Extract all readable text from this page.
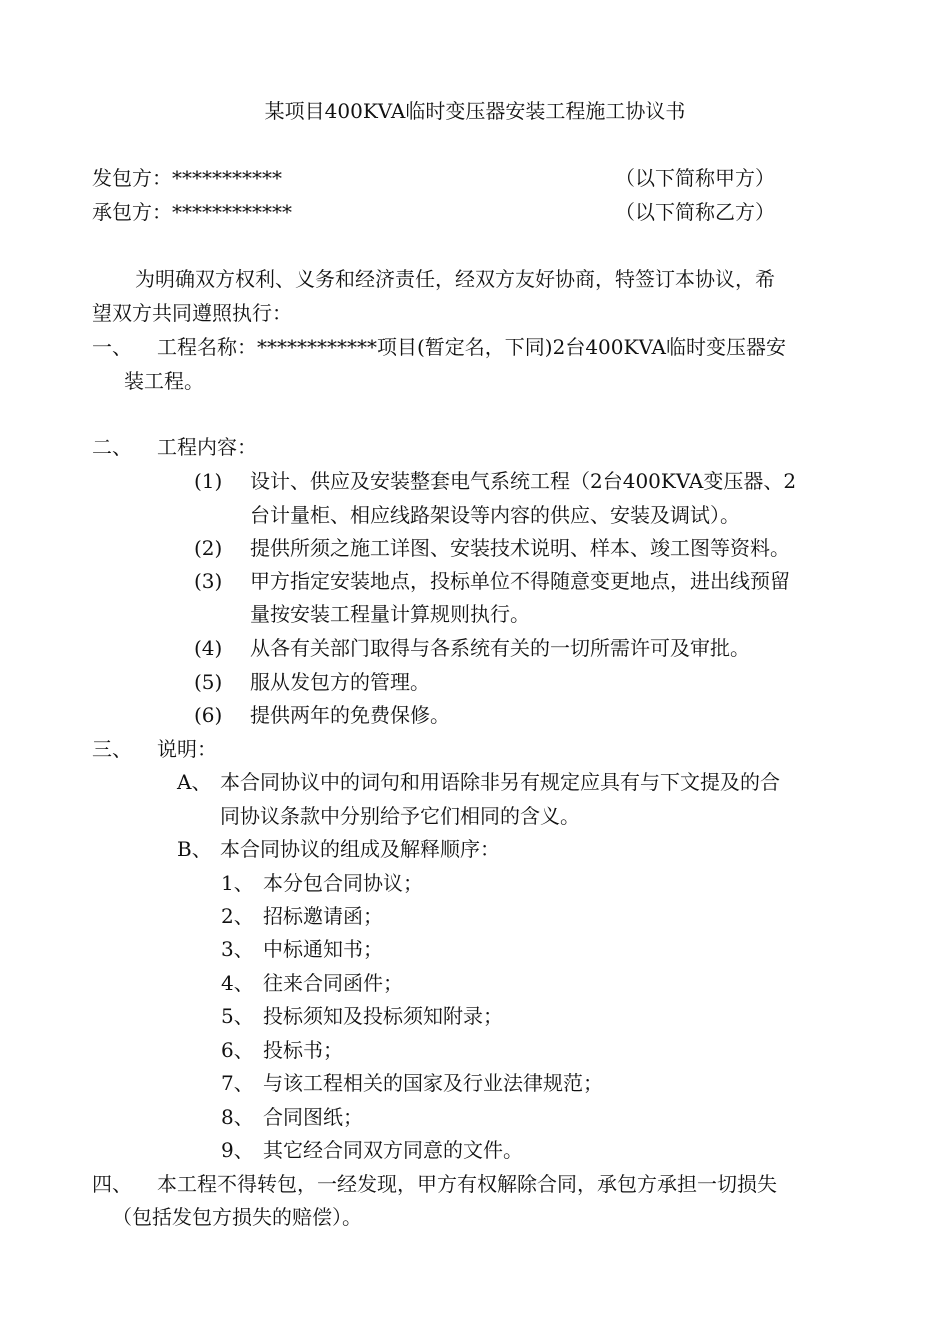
某项目400KVA临时变压器安装工程施工协议书
发包方：***********	（以下简称甲方）
承包方：************	（以下简称乙方）
为明确双方权利、义务和经济责任，经双方友好协商，特签订本协议，希
望双方共同遵照执行：
一、 工程名称：************项目(暂定名，下同)2台400KVA临时变压器安
装工程。
二、 工程内容：
(1) 设计、供应及安装整套电气系统工程（2台400KVA变压器、2
台计量柜、相应线路架设等内容的供应、安装及调试）。
(2) 提供所须之施工详图、安装技术说明、样本、竣工图等资料。
(3) 甲方指定安装地点，投标单位不得随意变更地点，进出线预留
量按安装工程量计算规则执行。
(4) 从各有关部门取得与各系统有关的一切所需许可及审批。
(5) 服从发包方的管理。
(6) 提供两年的免费保修。
三、 说明：
A、 本合同协议中的词句和用语除非另有规定应具有与下文提及的合
同协议条款中分别给予它们相同的含义。
B、 本合同协议的组成及解释顺序：
1、 本分包合同协议；
2、 招标邀请函；
3、 中标通知书；
4、 往来合同函件；
5、 投标须知及投标须知附录；
6、 投标书；
7、 与该工程相关的国家及行业法律规范；
8、 合同图纸；
9、 其它经合同双方同意的文件。
四、 本工程不得转包，一经发现，甲方有权解除合同，承包方承担一切损失
（包括发包方损失的赔偿）。
